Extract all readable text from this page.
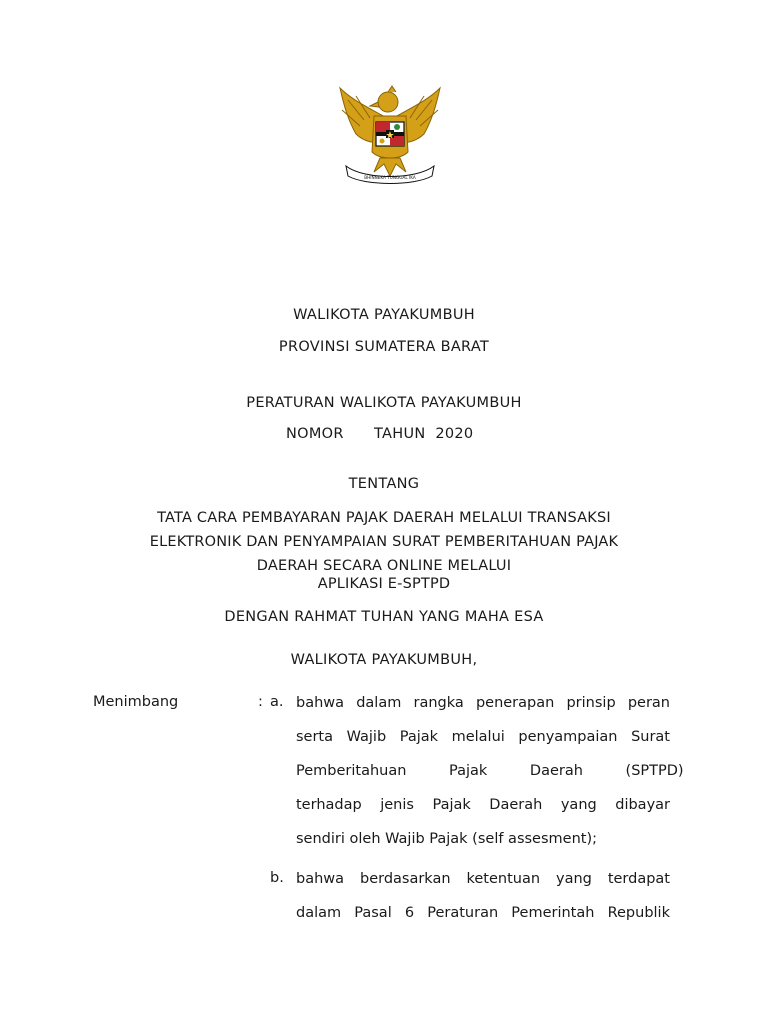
BHINNEKA TUNGGAL IKA
WALIKOTA PAYAKUMBUH
PROVINSI SUMATERA BARAT
PERATURAN WALIKOTA PAYAKUMBUH
NOMOR TAHUN  2020
TENTANG
TATA CARA PEMBAYARAN PAJAK DAERAH MELALUI TRANSAKSI
ELEKTRONIK DAN PENYAMPAIAN SURAT PEMBERITAHUAN PAJAK
DAERAH SECARA ONLINE MELALUI
APLIKASI E-SPTPD
DENGAN RAHMAT TUHAN YANG MAHA ESA
WALIKOTA PAYAKUMBUH,
Menimbang	: a. bahwa dalam rangka penerapan prinsip peran
serta Wajib Pajak melalui penyampaian Surat
Pemberitahuan Pajak Daerah (SPTPD)
terhadap jenis Pajak Daerah yang dibayar
sendiri oleh Wajib Pajak (self assesment);
b. bahwa berdasarkan ketentuan yang terdapat
dalam Pasal 6 Peraturan Pemerintah Republik
